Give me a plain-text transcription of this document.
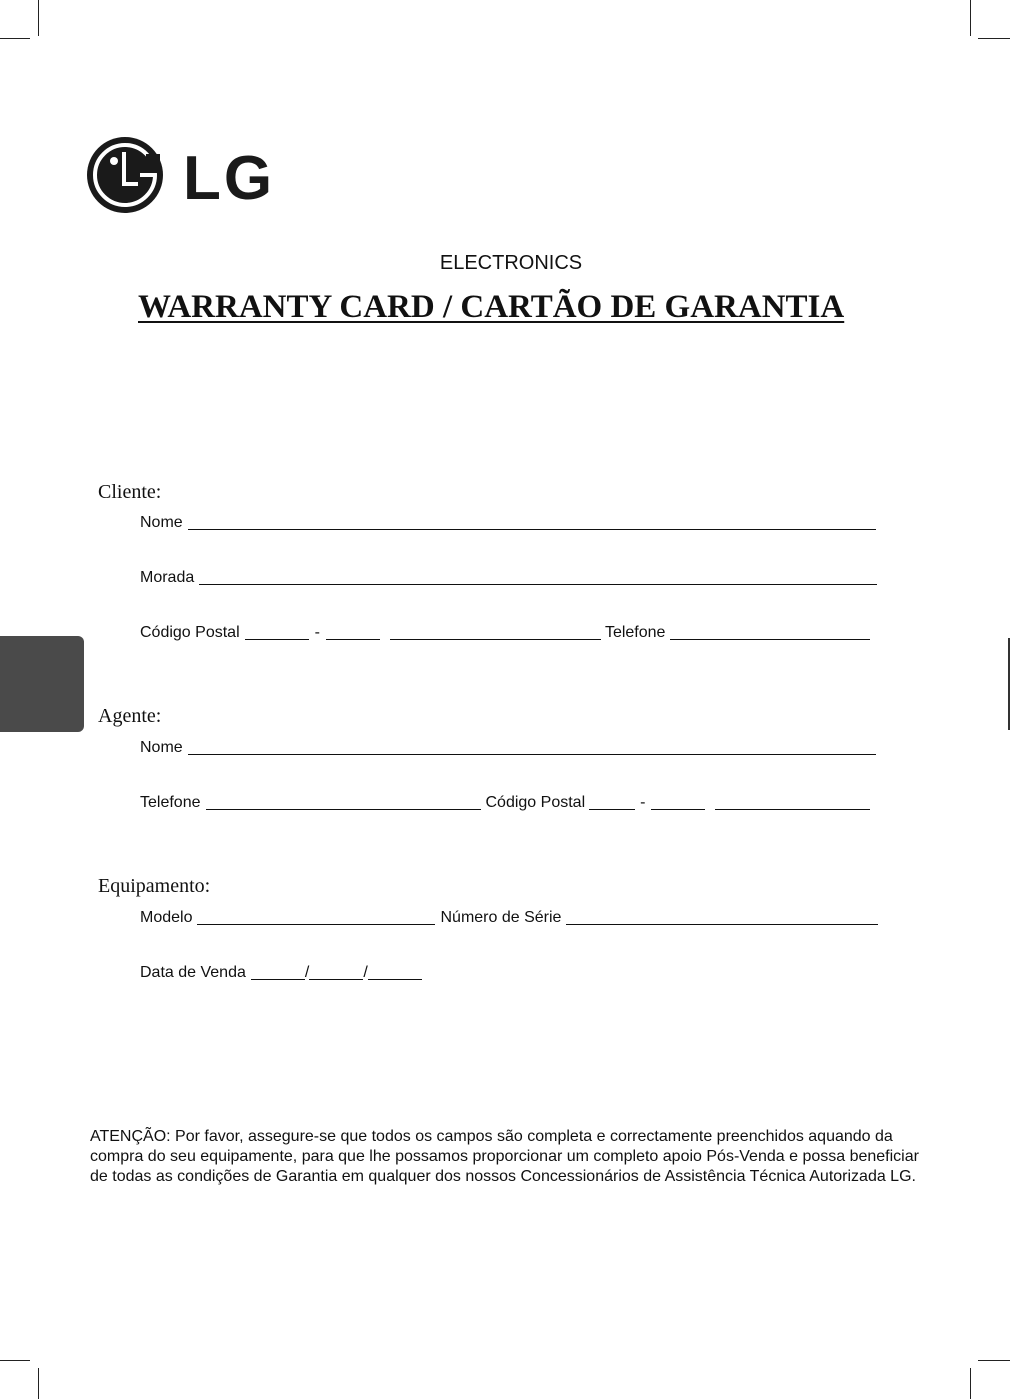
LG
ELECTRONICS
WARRANTY CARD / CARTÃO DE GARANTIA
Cliente:
Nome
Morada
Código Postal	-	Telefone
Agente:
Nome
Telefone	Código Postal	-
Equipamento:
Modelo	Número de Série
Data de Venda	/	/
ATENÇÃO: Por favor, assegure-se que todos os campos são completa e correctamente preenchidos aquando da compra do seu equipamente, para que lhe possamos proporcionar um completo apoio Pós-Venda e possa beneficiar de todas as condições de Garantia em qualquer dos nossos Concessionários de Assistência Técnica Autorizada LG.
